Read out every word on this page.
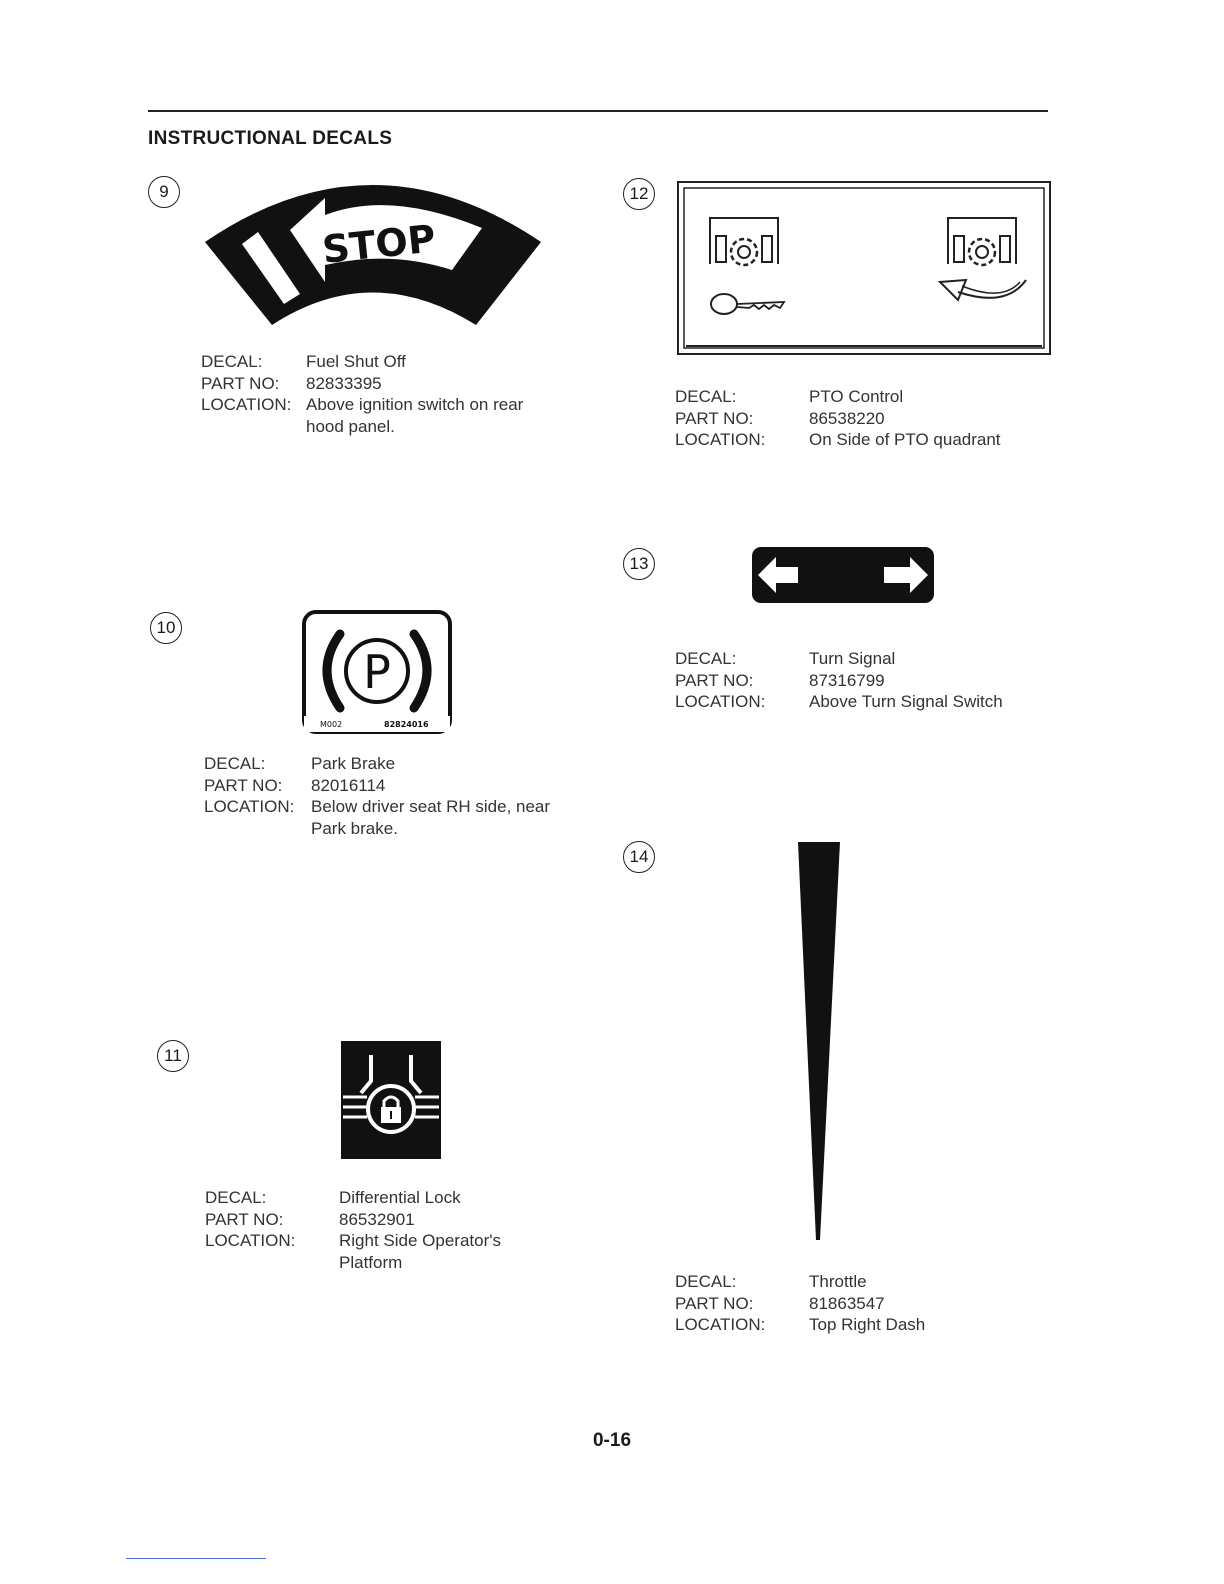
INSTRUCTIONAL DECALS
9
STOP
DECAL:	Fuel Shut Off
PART NO:	82833395
LOCATION: Above ignition switch on rear hood panel.
10
P
M002	82824016
DECAL:	Park Brake
PART NO:	82016114
LOCATION: Below driver seat RH side, near Park brake.
11
DECAL:	Differential Lock
PART NO:	86532901
LOCATION:	Right Side Operator's Platform
12
DECAL:	PTO Control
PART NO:	86538220
LOCATION:	On Side of PTO quadrant
13
DECAL:	Turn Signal
PART NO:	87316799
LOCATION:	Above Turn Signal Switch
14
DECAL:	Throttle
PART NO:	81863547
LOCATION:	Top Right Dash
0-16
